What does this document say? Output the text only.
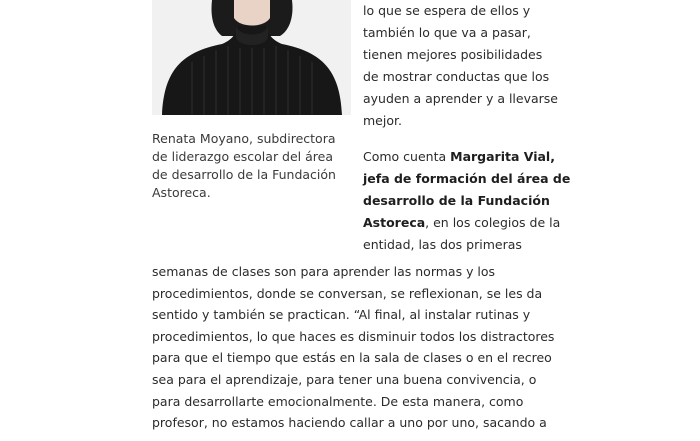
Renata Moyano, subdirectora
de liderazgo escolar del área
de desarrollo de la Fundación
Astoreca.

lo que se espera de ellos y
también lo que va a pasar,
tienen mejores posibilidades
de mostrar conductas que los
ayuden a aprender y a llevarse
mejor.

Como cuenta Margarita Vial,
jefa de formación del área de
desarrollo de la Fundación
Astoreca, en los colegios de la
entidad, las dos primeras

semanas de clases son para aprender las normas y los
procedimientos, donde se conversan, se reflexionan, se les da
sentido y también se practican. “Al final, al instalar rutinas y
procedimientos, lo que haces es disminuir todos los distractores
para que el tiempo que estás en la sala de clases o en el recreo
sea para el aprendizaje, para tener una buena convivencia, o
para desarrollarte emocionalmente. De esta manera, como
profesor, no estamos haciendo callar a uno por uno, sacando a
